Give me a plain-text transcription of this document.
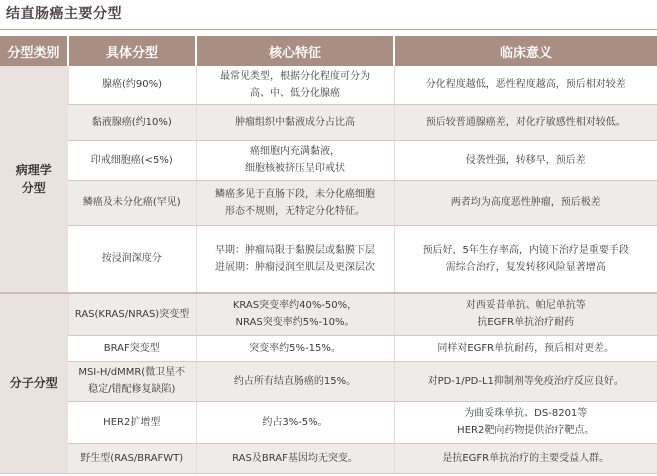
结直肠癌主要分型
分型类别	具体分型	核心特征	临床意义
病理学
分型	腺癌(约90%)	最常见类型，根据分化程度可分为
高、中、低分化腺癌	分化程度越低，恶性程度越高，预后相对较差
	黏液腺癌(约10%)	肿瘤组织中黏液成分占比高	预后较普通腺癌差，对化疗敏感性相对较低。
	印戒细胞癌(<5%)	癌细胞内充满黏液，
细胞核被挤压呈印戒状	侵袭性强，转移早，预后差
	鳞癌及未分化癌(罕见)	鳞癌多见于直肠下段，未分化癌细胞
形态不规则，无特定分化特征。	两者均为高度恶性肿瘤，预后极差
	按浸润深度分	早期：肿瘤局限于黏膜层或黏膜下层
进展期：肿瘤浸润至肌层及更深层次	预后好，5年生存率高，内镜下治疗是重要手段
需综合治疗，复发转移风险显著增高
分子分型	RAS(KRAS/NRAS)突变型	KRAS突变率约40%-50%，
NRAS突变率约5%-10%。	对西妥昔单抗、帕尼单抗等
抗EGFR单抗治疗耐药
	BRAF突变型	突变率约5%-15%。	同样对EGFR单抗耐药，预后相对更差。
	MSI-H/dMMR(微卫星不
稳定/错配修复缺陷)	约占所有结直肠癌的15%。	对PD-1/PD-L1抑制剂等免疫治疗反应良好。
	HER2扩增型	约占3%-5%。	为曲妥珠单抗、DS-8201等
HER2靶向药物提供治疗靶点。
	野生型(RAS/BRAFWT)	RAS及BRAF基因均无突变。	是抗EGFR单抗治疗的主要受益人群。
